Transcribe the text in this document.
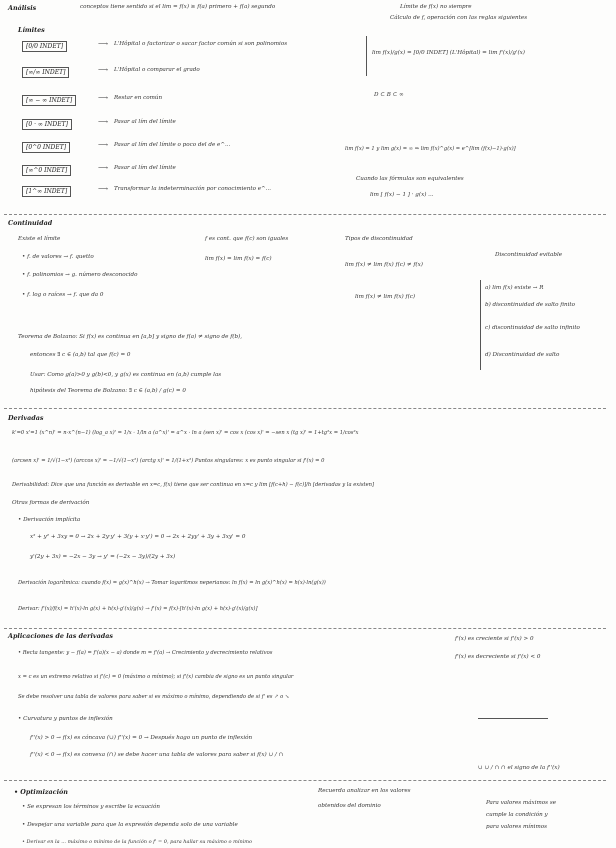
Análisis	conceptos tiene sentido si el lim = f(x) ≥ f(a) primero + f(a) segundo	Límite de f(x) no siempre
Cálculo de f, operación con las reglas siguientes
Límites
[0/0 INDET]	⟶ L'Hôpital o factorizar o sacar factor común si son polinomios
[∞/∞ INDET]	⟶ L'Hôpital o comparar el grado
[∞ − ∞ INDET]	⟶ Restar en común
[0 · ∞ INDET]	⟶ Pasar al lím del límite
[0^0 INDET]	⟶ Pasar al lím del límite o poco del de e^...
[∞^0 INDET]	⟶ Pasar al lím del límite
[1^∞ INDET]	⟶ Transformar la indeterminación por conocimiento e^...
lim f(x)/g(x) = [0/0 INDET] (L'Hôpital) = lim f'(x)/g'(x)
D ⊂ B ⊂ ∞
lim f(x) = 1 y lim g(x) = ∞ ⇒ lim f(x)^g(x) = e^[lim (f(x)−1)·g(x)]
Cuando las fórmulas son equivalentes
lim [ f(x) − 1 ] · g(x) ...
Continuidad
Existe el límite
• f. de valores → f. quetto
• f. polinomios → g. número desconocido
• f. log o raíces → f. que da 0
f es cont. que f(c) son iguales
lim f(x) = lim f(x) = f(c)
Tipos de discontinuidad
lim f(x) ≠ lim f(x) f(c) ≠ f(x)
lim f(x) ≠ lim f(x) f(c)
Discontinuidad evitable
a) lim f(x) existe → R
b) discontinuidad de salto finito
c) discontinuidad de salto infinito
d) Discontinuidad de salto
Teorema de Bolzano: Si f(x) es continua en [a,b] y signo de f(a) ≠ signo de f(b),
entonces ∃ c ∈ (a,b) tal que f(c) = 0
Usar: Como g(a)>0 y g(b)<0, y g(x) es continua en (a,b) cumple las
hipótesis del Teorema de Bolzano: ∃ c ∈ (a,b) / g(c) = 0
Derivadas
k'=0 x'=1 (x^n)' = n·x^(n−1) (log_a x)' = 1/x · 1/ln a (a^x)' = a^x · ln a (sen x)' = cos x (cos x)' = −sen x (tg x)' = 1+tg²x = 1/cos²x
(arcsen x)' = 1/√(1−x²) (arccos x)' = −1/√(1−x²) (arctg x)' = 1/(1+x²) Puntos singulares: x es punto singular si f'(x) = 0
Derivabilidad: Dice que una función es derivable en x=c, f(x) tiene que ser continua en x=c y lim [f(c+h) − f(c)]/h [derivadas y la existen]
Otras formas de derivación
• Derivación implícita
x² + y² + 3xy = 0 → 2x + 2y·y' + 3(y + x·y') = 0 → 2x + 2yy' + 3y + 3xy' = 0
y'(2y + 3x) = −2x − 3y → y' = (−2x − 3y)/(2y + 3x)
Derivación logarítmica: cuando f(x) = g(x)^h(x) → Tomar logaritmos neperianos: ln f(x) = ln g(x)^h(x) = h(x)·ln(g(x))
Derivar: f'(x)/f(x) = h'(x)·ln g(x) + h(x)·g'(x)/g(x) → f'(x) = f(x)·[h'(x)·ln g(x) + h(x)·g'(x)/g(x)]
Aplicaciones de las derivadas
• Recta tangente: y − f(a) = f'(a)(x − a) donde m = f'(a) → Crecimiento y decrecimiento relativos
f'(x) es creciente si f'(x) > 0
f'(x) es decreciente si f'(x) < 0
x = c es un extremo relativo si f'(c) = 0 (máximo o mínimo); si f'(x) cambia de signo es un punto singular
Se debe resolver una tabla de valores para saber si es máximo o mínimo, dependiendo de si f' es ↗ o ↘
• Curvatura y puntos de inflexión
f''(x) > 0 → f(x) es cóncava (∪) f''(x) = 0 → Después hago un punto de inflexión
f''(x) < 0 → f(x) es convexa (∩) se debe hacer una tabla de valores para saber si f(x) ∪ / ∩
∪ ∪ / ∩ ∩ el signo de la f''(x)
• Optimización
• Se expresan los términos y escribe la ecuación
• Despejar una variable para que la expresión dependa solo de una variable
• Derivar en la ... máximo o mínimo de la función o f' = 0, para hallar su máximo o mínimo
Recuerda analizar en los valores
obtenidos del dominio	Para valores máximos se
cumple la condición y
para valores mínimos
